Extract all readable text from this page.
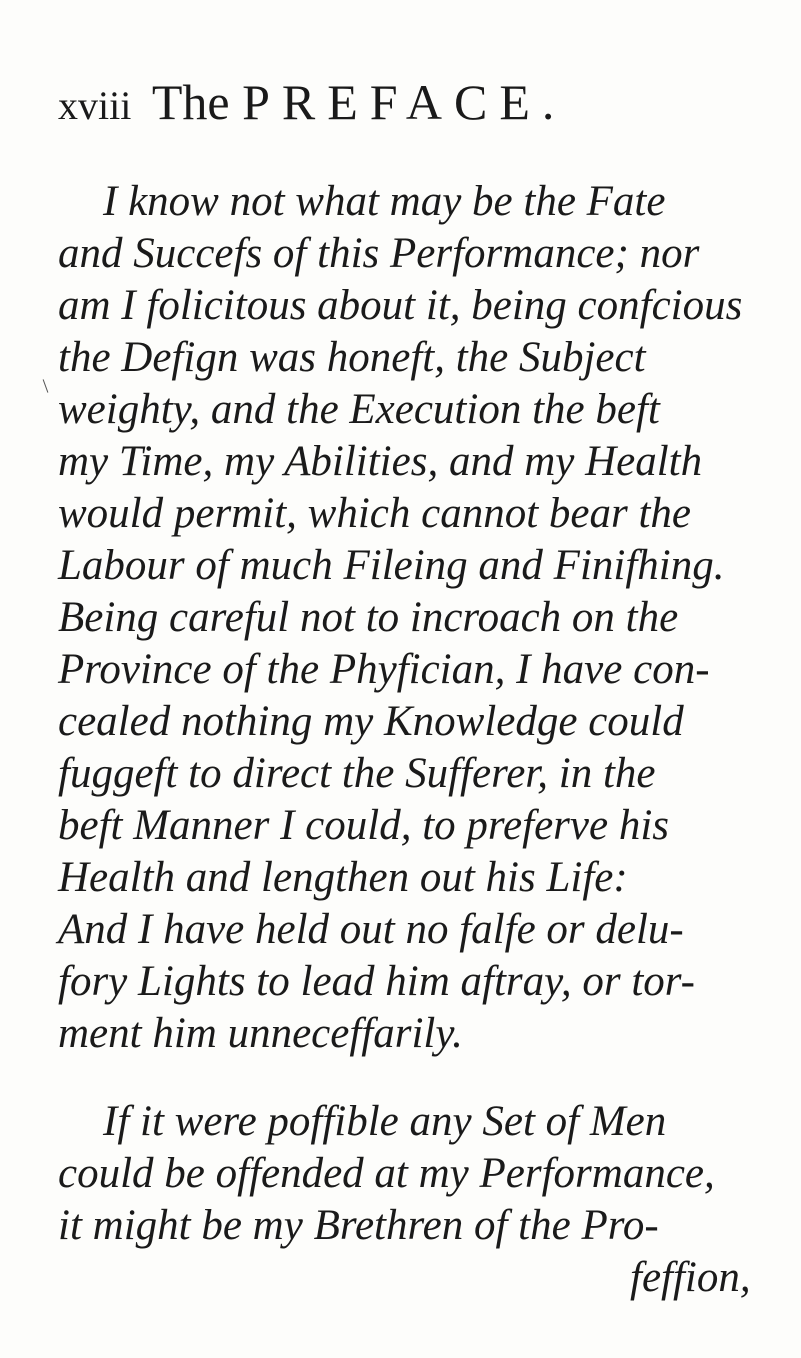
xviii The PREFACE.
I know not what may be the Fate
and Succefs of this Performance; nor
am I folicitous about it, being confcious
the Defign was honeft, the Subject
weighty, and the Execution the beft
my Time, my Abilities, and my Health
would permit, which cannot bear the
Labour of much Fileing and Finifhing.
Being careful not to incroach on the
Province of the Phyfician, I have con-
cealed nothing my Knowledge could
fuggeft to direct the Sufferer, in the
beft Manner I could, to preferve his
Health and lengthen out his Life:
And I have held out no falfe or delu-
fory Lights to lead him aftray, or tor-
ment him unneceffarily.
If it were poffible any Set of Men
could be offended at my Performance,
it might be my Brethren of the Pro-
feffion,
